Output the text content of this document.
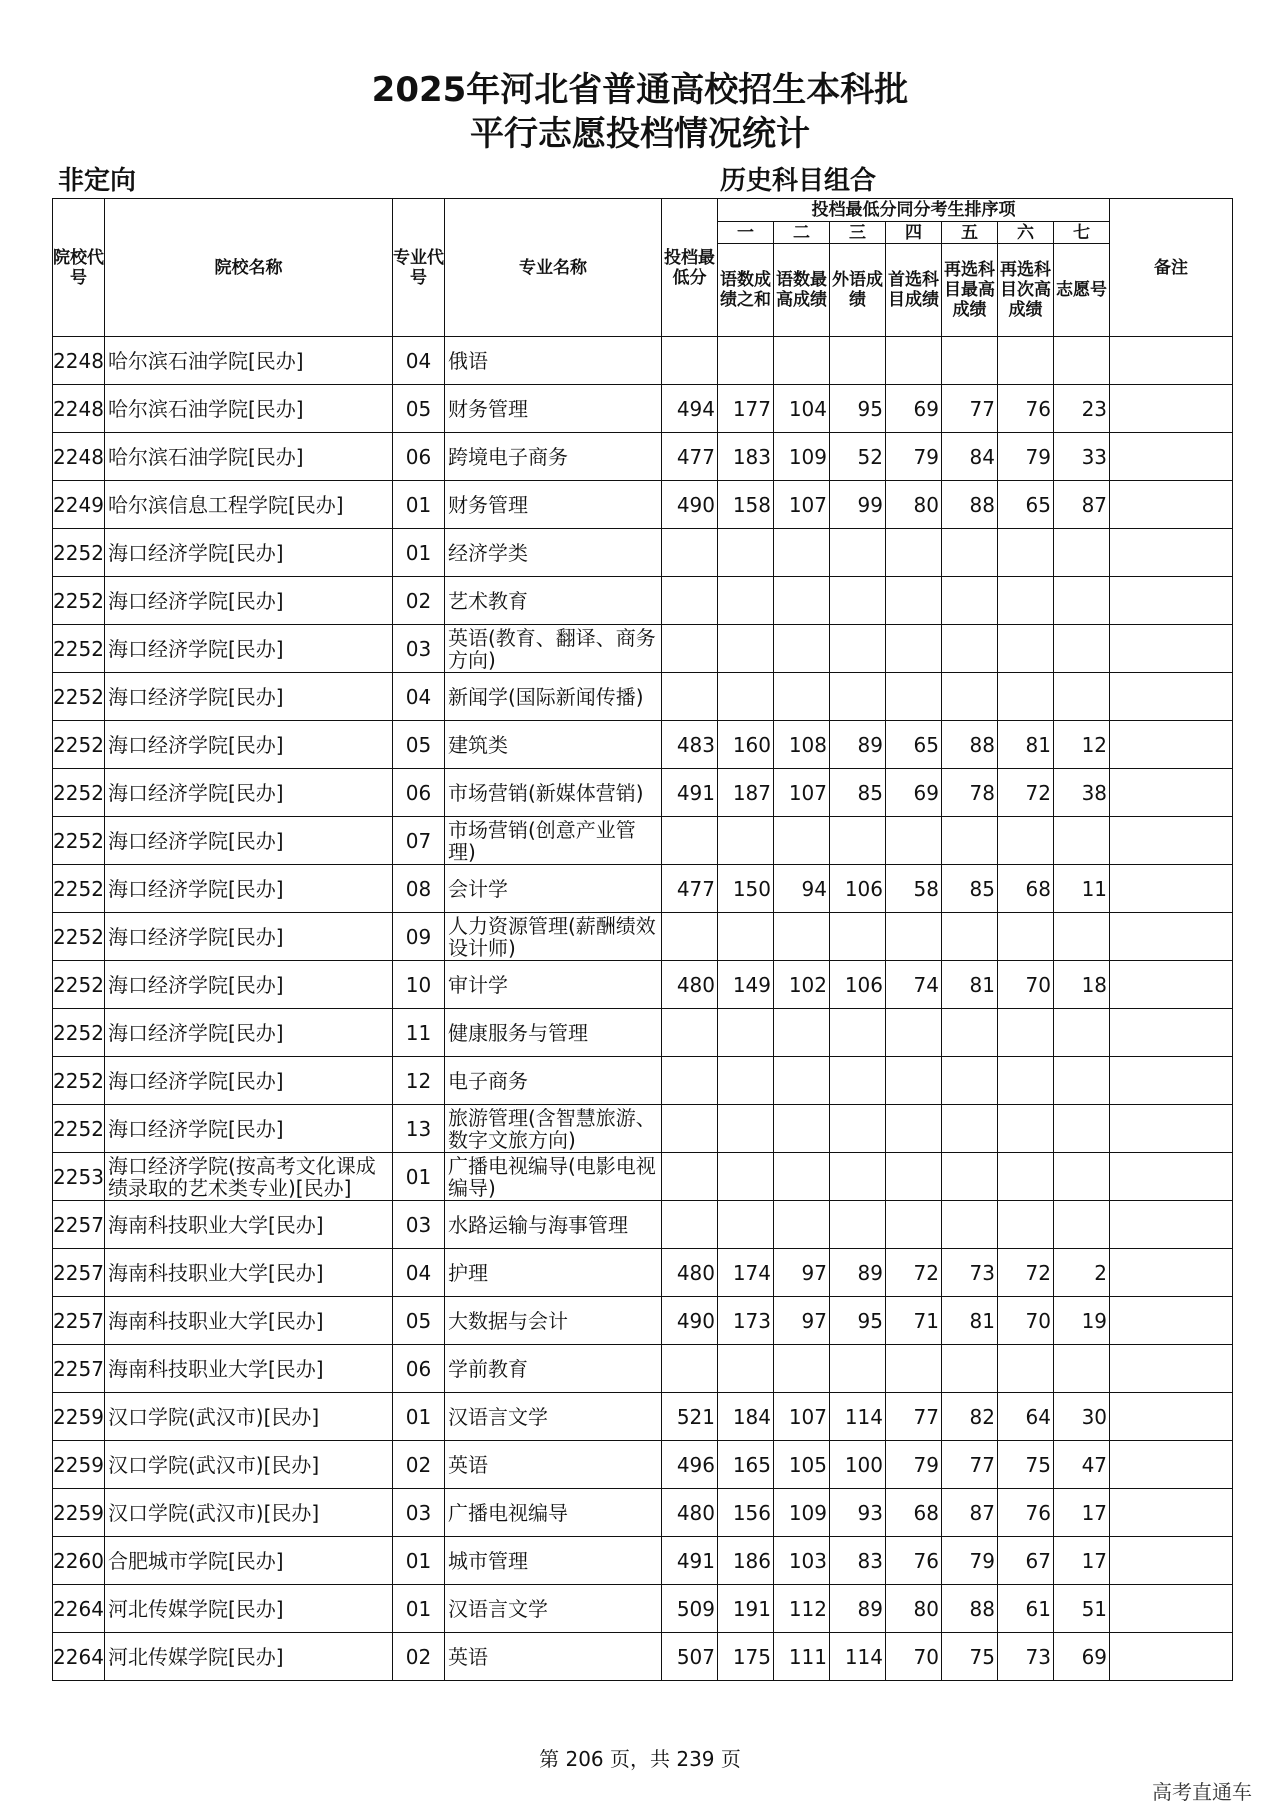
2025年河北省普通高校招生本科批
平行志愿投档情况统计
非定向	历史科目组合
院校代号	院校名称	专业代号	专业名称	投档最低分	投档最低分同分考生排序项							备注
					一	二	三	四	五	六	七	
					语数成绩之和	语数最高成绩	外语成绩	首选科目成绩	再选科目最高成绩	再选科目次高成绩	志愿号	
2248	哈尔滨石油学院[民办]	04	俄语									
2248	哈尔滨石油学院[民办]	05	财务管理	494	177	104	95	69	77	76	23	
2248	哈尔滨石油学院[民办]	06	跨境电子商务	477	183	109	52	79	84	79	33	
2249	哈尔滨信息工程学院[民办]	01	财务管理	490	158	107	99	80	88	65	87	
2252	海口经济学院[民办]	01	经济学类									
2252	海口经济学院[民办]	02	艺术教育									
2252	海口经济学院[民办]	03	英语(教育、翻译、商务方向)									
2252	海口经济学院[民办]	04	新闻学(国际新闻传播)									
2252	海口经济学院[民办]	05	建筑类	483	160	108	89	65	88	81	12	
2252	海口经济学院[民办]	06	市场营销(新媒体营销)	491	187	107	85	69	78	72	38	
2252	海口经济学院[民办]	07	市场营销(创意产业管理)									
2252	海口经济学院[民办]	08	会计学	477	150	94	106	58	85	68	11	
2252	海口经济学院[民办]	09	人力资源管理(薪酬绩效设计师)									
2252	海口经济学院[民办]	10	审计学	480	149	102	106	74	81	70	18	
2252	海口经济学院[民办]	11	健康服务与管理									
2252	海口经济学院[民办]	12	电子商务									
2252	海口经济学院[民办]	13	旅游管理(含智慧旅游、数字文旅方向)									
2253	海口经济学院(按高考文化课成绩录取的艺术类专业)[民办]	01	广播电视编导(电影电视编导)									
2257	海南科技职业大学[民办]	03	水路运输与海事管理									
2257	海南科技职业大学[民办]	04	护理	480	174	97	89	72	73	72	2	
2257	海南科技职业大学[民办]	05	大数据与会计	490	173	97	95	71	81	70	19	
2257	海南科技职业大学[民办]	06	学前教育									
2259	汉口学院(武汉市)[民办]	01	汉语言文学	521	184	107	114	77	82	64	30	
2259	汉口学院(武汉市)[民办]	02	英语	496	165	105	100	79	77	75	47	
2259	汉口学院(武汉市)[民办]	03	广播电视编导	480	156	109	93	68	87	76	17	
2260	合肥城市学院[民办]	01	城市管理	491	186	103	83	76	79	67	17	
2264	河北传媒学院[民办]	01	汉语言文学	509	191	112	89	80	88	61	51	
2264	河北传媒学院[民办]	02	英语	507	175	111	114	70	75	73	69	
第 206 页，共 239 页
高考直通车
